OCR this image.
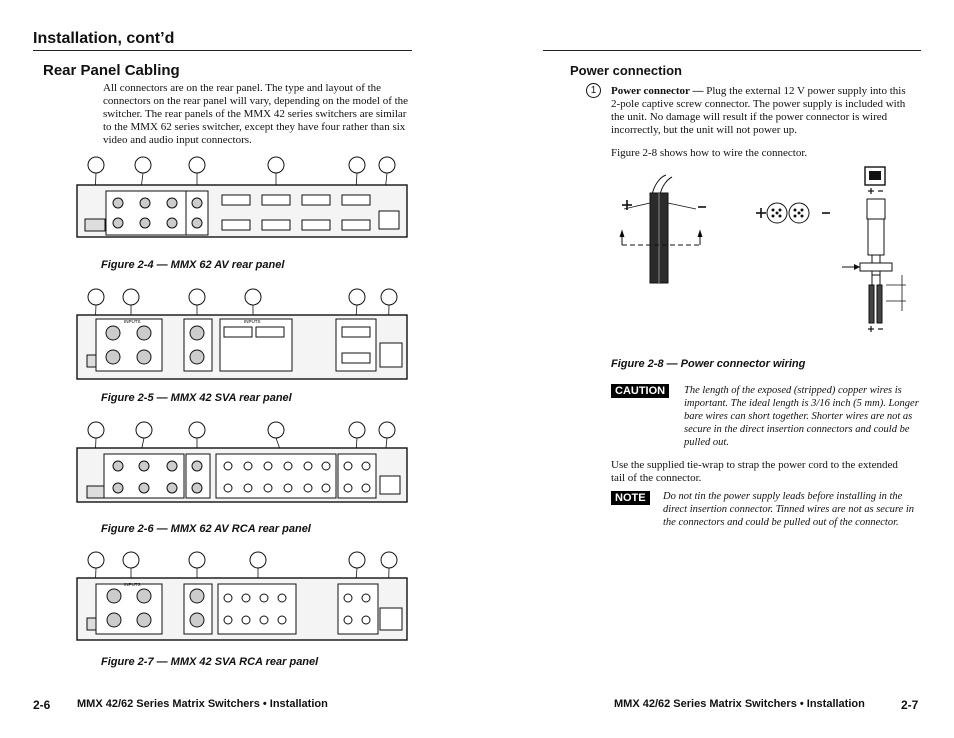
Installation, cont’d
Rear Panel Cabling
All connectors are on the rear panel. The type and layout of the connectors on the rear panel will vary, depending on the model of the switcher. The rear panels of the MMX 42 series switchers are similar to the MMX 62 series switcher, except they have four rather than six video and audio input connectors.
Figure 2-4 — MMX 62 AV rear panel
INPUTS	INPUTS
Figure 2-5 — MMX 42 SVA rear panel
Figure 2-6 — MMX 62 AV RCA rear panel
INPUTS
Figure 2-7 — MMX 42 SVA RCA rear panel
2-6 MMX 42/62 Series Matrix Switchers • Installation
Power connection
1	Power connector — Plug the external 12 V power supply into this 2-pole captive screw connector. The power supply is included with the unit. No damage will result if the power connector is wired incorrectly, but the unit will not power up.
Figure 2-8 shows how to wire the connector.
Figure 2-8 — Power connector wiring
CAUTION	The length of the exposed (stripped) copper wires is important. The ideal length is 3/16 inch (5 mm). Longer bare wires can short together. Shorter wires are not as secure in the direct insertion connectors and could be pulled out.
Use the supplied tie-wrap to strap the power cord to the extended tail of the connector.
NOTE	Do not tin the power supply leads before installing in the direct insertion connector. Tinned wires are not as secure in the connectors and could be pulled out of the connector.
MMX 42/62 Series Matrix Switchers • Installation	2-7
